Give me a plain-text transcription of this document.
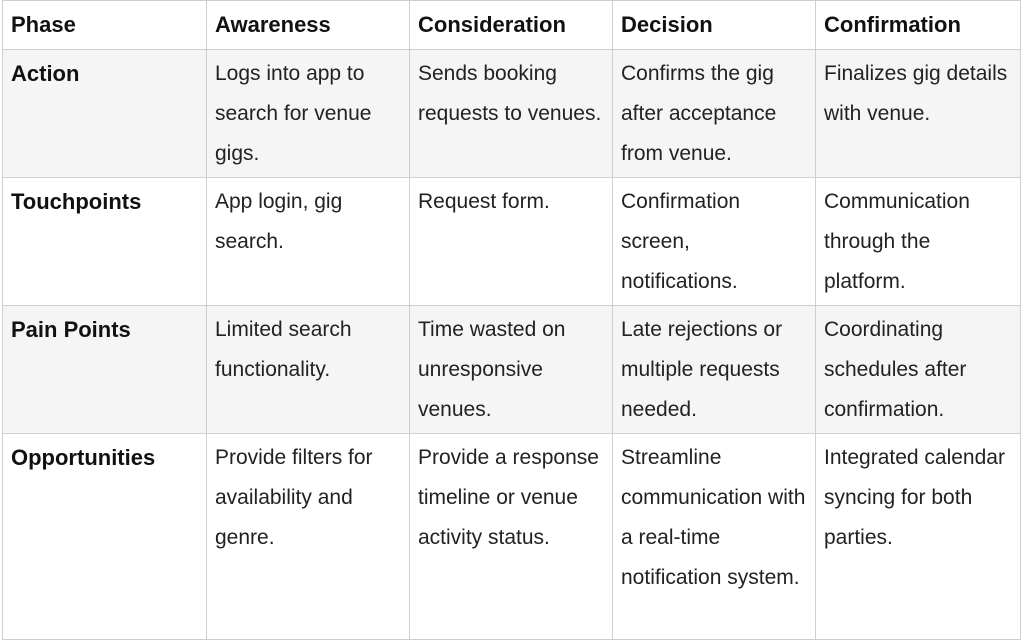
Phase	Awareness	Consideration	Decision	Confirmation
Action	Logs into app to search for venue gigs.	Sends booking requests to venues.	Confirms the gig after acceptance from venue.	Finalizes gig details with venue.
Touchpoints	App login, gig search.	Request form.	Confirmation screen, notifications.	Communication through the platform.
Pain Points	Limited search functionality.	Time wasted on unresponsive venues.	Late rejections or multiple requests needed.	Coordinating schedules after confirmation.
Opportunities	Provide filters for availability and genre.	Provide a response timeline or venue activity status.	Streamline communication with a real-time notification system.	Integrated calendar syncing for both parties.
